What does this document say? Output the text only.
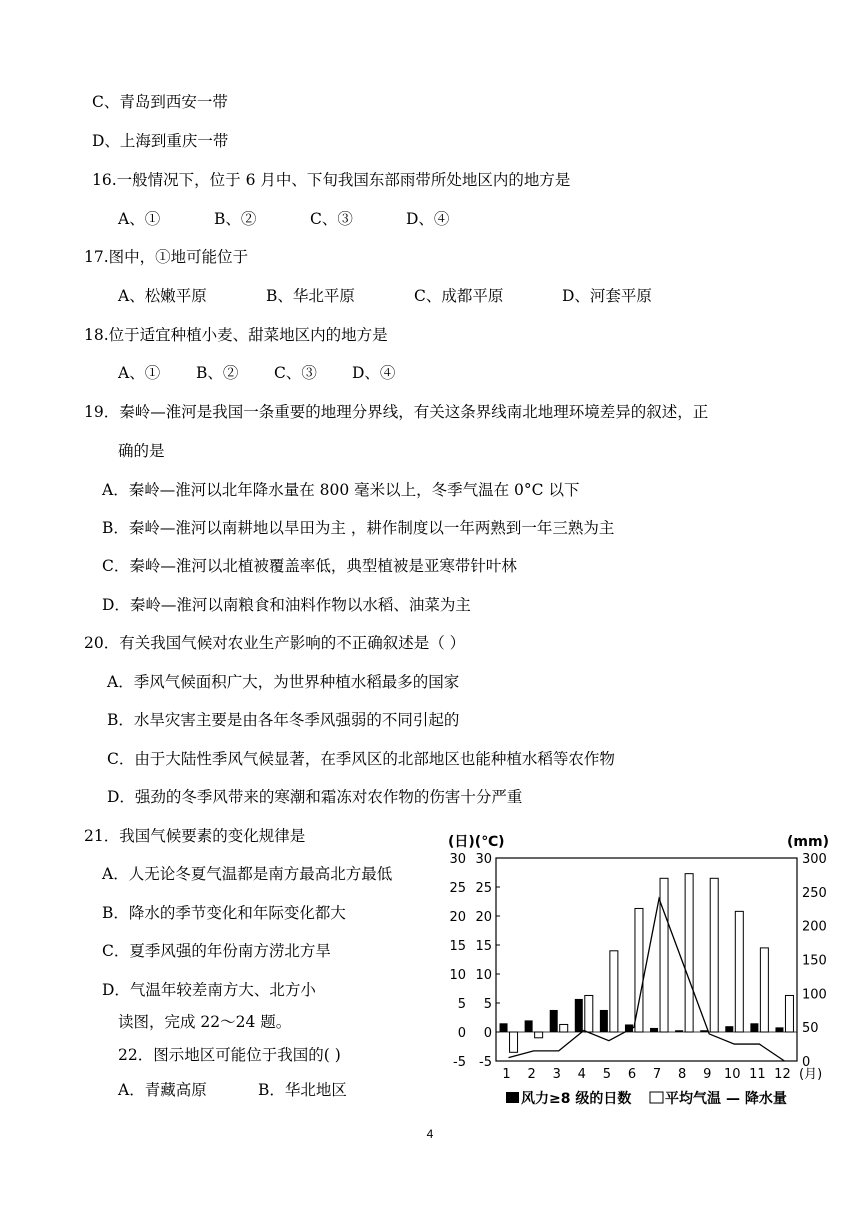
C、青岛到西安一带
D、上海到重庆一带
16.一般情况下，位于 6 月中、下旬我国东部雨带所处地区内的地方是
A、①	B、②	C、③	D、④
17.图中，①地可能位于
A、松嫩平原	B、华北平原	C、成都平原	D、河套平原
18.位于适宜种植小麦、甜菜地区内的地方是
A、① B、② C、③ D、④
19．秦岭—淮河是我国一条重要的地理分界线，有关这条界线南北地理环境差异的叙述，正
确的是
A．秦岭—淮河以北年降水量在 800 毫米以上，冬季气温在 0°C 以下
B．秦岭—淮河以南耕地以旱田为主 ，耕作制度以一年两熟到一年三熟为主
C．秦岭—淮河以北植被覆盖率低，典型植被是亚寒带针叶林
D．秦岭—淮河以南粮食和油料作物以水稻、油菜为主
20．有关我国气候对农业生产影响的不正确叙述是（ ）
A．季风气候面积广大，为世界种植水稻最多的国家
B．水旱灾害主要是由各年冬季风强弱的不同引起的
C．由于大陆性季风气候显著，在季风区的北部地区也能种植水稻等农作物
D．强劲的冬季风带来的寒潮和霜冻对农作物的伤害十分严重
21．我国气候要素的变化规律是
A．人无论冬夏气温都是南方最高北方最低
B．降水的季节变化和年际变化都大
C．夏季风强的年份南方涝北方旱
D．气温年较差南方大、北方小
读图，完成 22～24 题。
22．图示地区可能位于我国的( )
A．青藏高原	B．华北地区
(日)(℃)	(mm)
30 30
25 25
20 20
15 15
10 10
5 5
0 0
-5 -5
300
250
200
150
100
50
0
1 2 3 4 5 6 7 8 9 10 11 12 (月)
风力≥8 级的日数 平均气温 — 降水量
4
